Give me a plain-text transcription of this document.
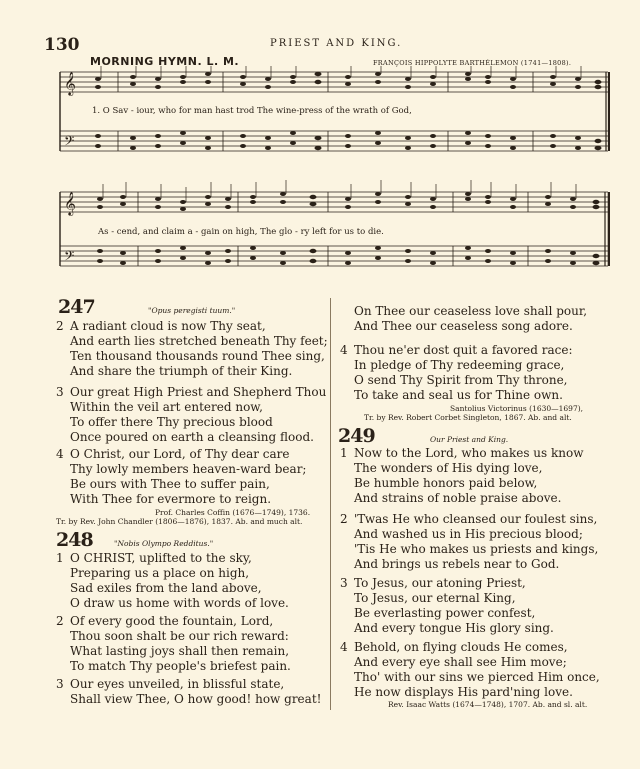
130	PRIEST AND KING.
MORNING HYMN. L. M.	FRANÇOIS HIPPOLYTE BARTHÉLEMON (1741—1808).
𝄞
𝄢
1. O Sav - iour, who for man hast trod The wine-press of the wrath of God,
𝄞
𝄢
As - cend, and claim a - gain on high, The glo - ry left for us to die.
247	"Opus peregisti tuum."
2 A radiant cloud is now Thy seat,
And earth lies stretched beneath Thy feet;
Ten thousand thousands round Thee sing,
And share the triumph of their King.
3 Our great High Priest and Shepherd Thou
Within the veil art entered now,
To offer there Thy precious blood
Once poured on earth a cleansing flood.
4 O Christ, our Lord, of Thy dear care
Thy lowly members heaven-ward bear;
Be ours with Thee to suffer pain,
With Thee for evermore to reign.
Prof. Charles Coffin (1676—1749), 1736.
Tr. by Rev. John Chandler (1806—1876), 1837. Ab. and much alt.
248	"Nobis Olympo Redditus."
1 O CHRIST, uplifted to the sky,
Preparing us a place on high,
Sad exiles from the land above,
O draw us home with words of love.
2 Of every good the fountain, Lord,
Thou soon shalt be our rich reward:
What lasting joys shall then remain,
To match Thy people's briefest pain.
3 Our eyes unveiled, in blissful state,
Shall view Thee, O how good! how great!
On Thee our ceaseless love shall pour,
And Thee our ceaseless song adore.
4 Thou ne'er dost quit a favored race:
In pledge of Thy redeeming grace,
O send Thy Spirit from Thy throne,
To take and seal us for Thine own.
Santolius Victorinus (1630—1697),
Tr. by Rev. Robert Corbet Singleton, 1867. Ab. and alt.
249	Our Priest and King.
1 Now to the Lord, who makes us know
The wonders of His dying love,
Be humble honors paid below,
And strains of noble praise above.
2 'Twas He who cleansed our foulest sins,
And washed us in His precious blood;
'Tis He who makes us priests and kings,
And brings us rebels near to God.
3 To Jesus, our atoning Priest,
To Jesus, our eternal King,
Be everlasting power confest,
And every tongue His glory sing.
4 Behold, on flying clouds He comes,
And every eye shall see Him move;
Tho' with our sins we pierced Him once,
He now displays His pard'ning love.
Rev. Isaac Watts (1674—1748), 1707. Ab. and sl. alt.
